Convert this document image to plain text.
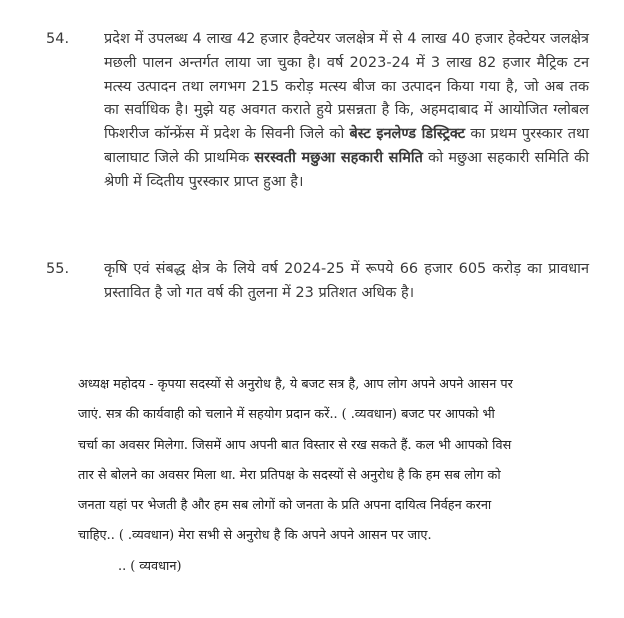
54. प्रदेश में उपलब्ध 4 लाख 42 हजार हैक्टेयर जलक्षेत्र में से 4 लाख 40 हजार हेक्टेयर जलक्षेत्र मछली पालन अन्तर्गत लाया जा चुका है। वर्ष 2023-24 में 3 लाख 82 हजार मैट्रिक टन मत्स्य उत्पादन तथा लगभग 215 करोड़ मत्स्य बीज का उत्पादन किया गया है, जो अब तक का सर्वाधिक है। मुझे यह अवगत कराते हुये प्रसन्नता है कि, अहमदाबाद में आयोजित ग्लोबल फिशरीज कॉन्फ्रेंस में प्रदेश के सिवनी जिले को बेस्ट इनलेण्ड डिस्ट्रिक्ट का प्रथम पुरस्कार तथा बालाघाट जिले की प्राथमिक सरस्वती मछुआ सहकारी समिति को मछुआ सहकारी समिति की श्रेणी में व्दितीय पुरस्कार प्राप्त हुआ है।
55. कृषि एवं संबद्ध क्षेत्र के लिये वर्ष 2024-25 में रूपये 66 हजार 605 करोड़ का प्रावधान प्रस्तावित है जो गत वर्ष की तुलना में 23 प्रतिशत अधिक है।
अध्यक्ष महोदय - कृपया सदस्यों से अनुरोध है, ये बजट सत्र है, आप लोग अपने अपने आसन पर
जाएं. सत्र की कार्यवाही को चलाने में सहयोग प्रदान करें.. ( .व्यवधान) बजट पर आपको भी
चर्चा का अवसर मिलेगा. जिसमें आप अपनी बात विस्तार से रख सकते हैं. कल भी आपको विस
तार से बोलने का अवसर मिला था. मेरा प्रतिपक्ष के सदस्यों से अनुरोध है कि हम सब लोग को
जनता यहां पर भेजती है और हम सब लोगों को जनता के प्रति अपना दायित्व निर्वहन करना
चाहिए.. ( .व्यवधान) मेरा सभी से अनुरोध है कि अपने अपने आसन पर जाए.
.. ( व्यवधान)
